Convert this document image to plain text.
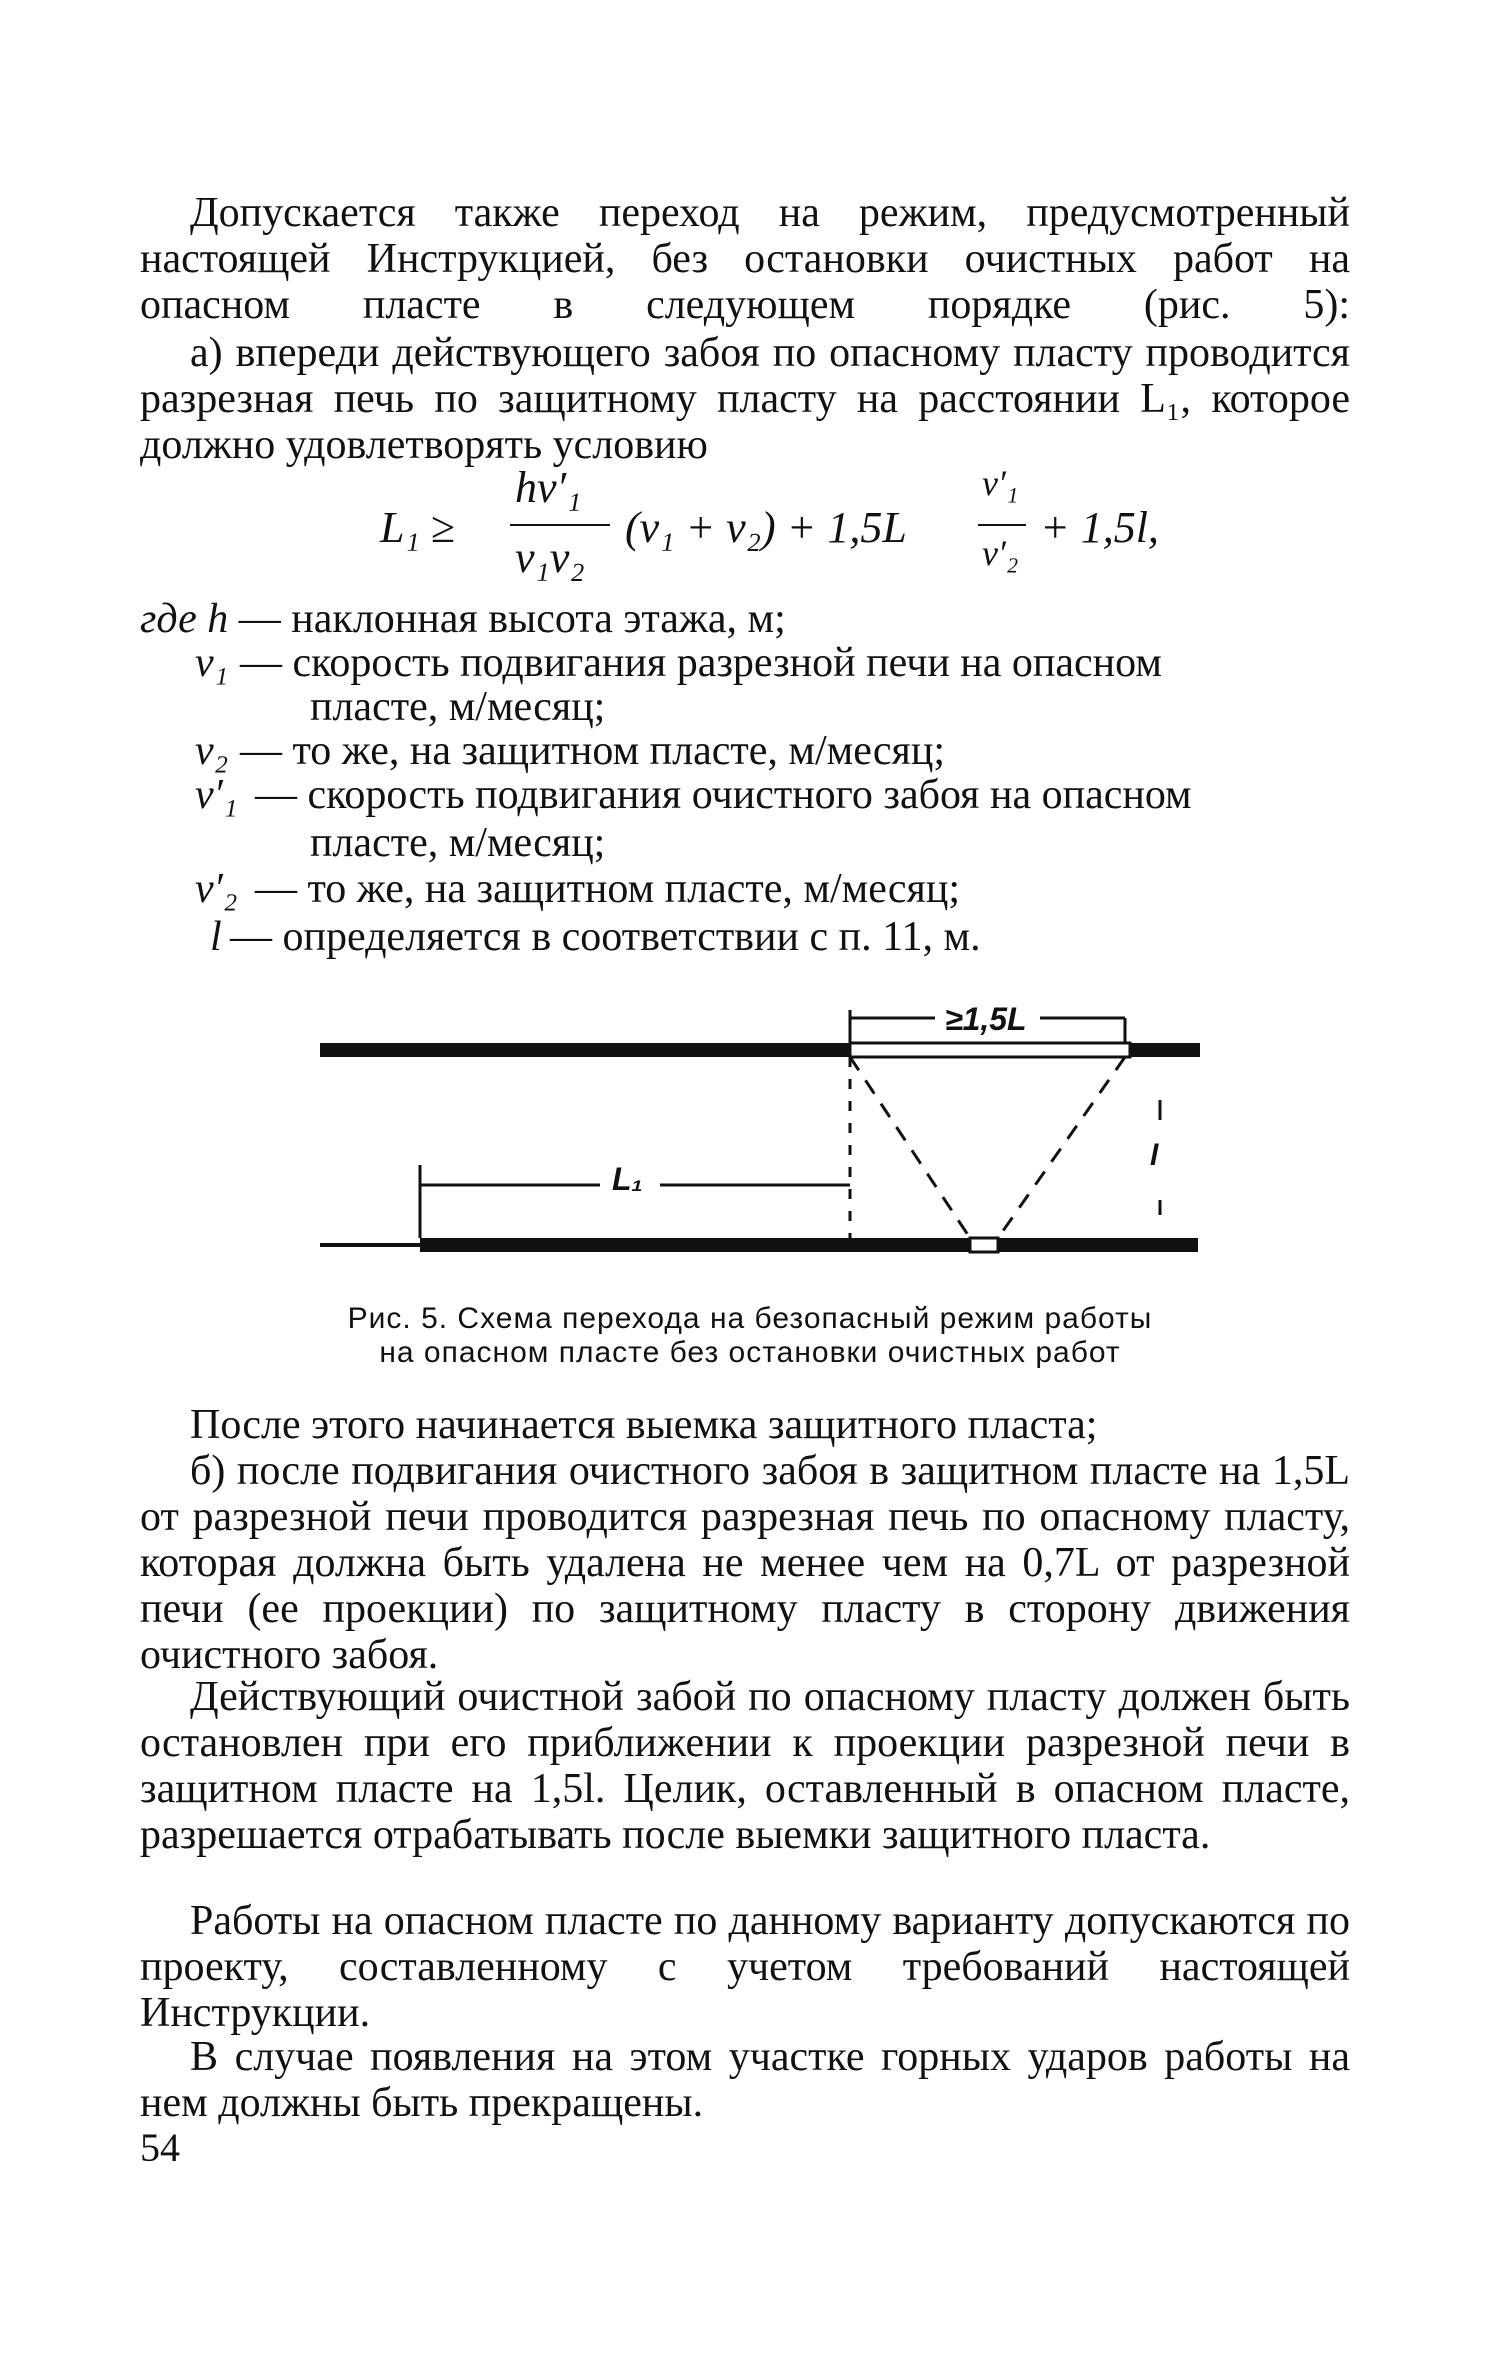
Допускается также переход на режим, предусмотренный настоящей Инструкцией, без остановки очистных работ на опасном пласте в следующем порядке (рис. 5):
а) впереди действующего забоя по опасному пласту проводится разрезная печь по защитному пласту на расстоянии L₁, которое должно удовлетворять условию
L₁ ≥
hv′₁
v₁v₂
(v₁ + v₂) + 1,5L
v′₁
v′₂
+ 1,5l,
где h — наклонная высота этажа, м;
v₁ — скорость подвигания разрезной печи на опасном
пласте, м/месяц;
v₂ — то же, на защитном пласте, м/месяц;
v′₁ — скорость подвигания очистного забоя на опасном
пласте, м/месяц;
v′₂ — то же, на защитном пласте, м/месяц;
l — определяется в соответствии с п. 11, м.
≥1,5L
L₁
l
Рис. 5. Схема перехода на безопасный режим работы
на опасном пласте без остановки очистных работ
После этого начинается выемка защитного пласта;
б) после подвигания очистного забоя в защитном пласте на 1,5L от разрезной печи проводится разрезная печь по опасному пласту, которая должна быть удалена не менее чем на 0,7L от разрезной печи (ее проекции) по защитному пласту в сторону движения очистного забоя.
Действующий очистной забой по опасному пласту должен быть остановлен при его приближении к проекции разрезной печи в защитном пласте на 1,5l. Целик, оставленный в опасном пласте, разрешается отрабатывать после выемки защитного пласта.
Работы на опасном пласте по данному варианту допускаются по проекту, составленному с учетом требований настоящей Инструкции.
В случае появления на этом участке горных ударов работы на нем должны быть прекращены.
54
